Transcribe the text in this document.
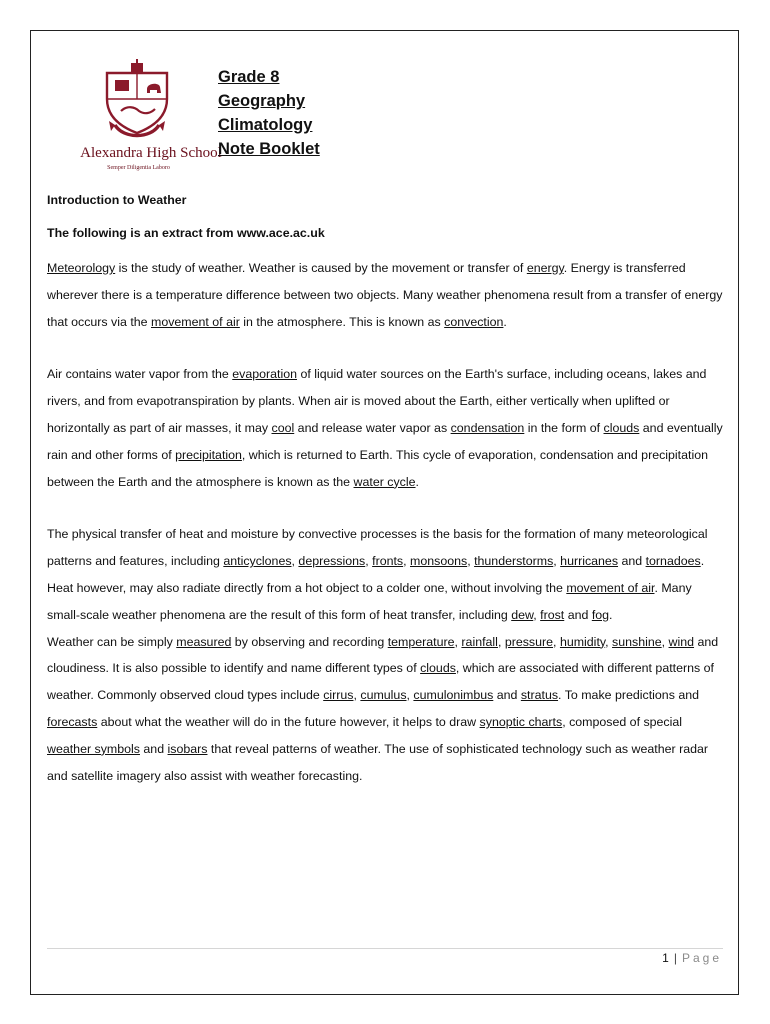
Alexandra High School
Semper Diligentia Laboro
Grade 8
Geography
Climatology
Note Booklet

Introduction to Weather

The following is an extract from www.ace.ac.uk

Meteorology is the study of weather. Weather is caused by the movement or transfer of energy. Energy is transferred wherever there is a temperature difference between two objects. Many weather phenomena result from a transfer of energy that occurs via the movement of air in the atmosphere. This is known as convection.

Air contains water vapor from the evaporation of liquid water sources on the Earth's surface, including oceans, lakes and rivers, and from evapotranspiration by plants. When air is moved about the Earth, either vertically when uplifted or horizontally as part of air masses, it may cool and release water vapor as condensation in the form of clouds and eventually rain and other forms of precipitation, which is returned to Earth. This cycle of evaporation, condensation and precipitation between the Earth and the atmosphere is known as the water cycle.

The physical transfer of heat and moisture by convective processes is the basis for the formation of many meteorological patterns and features, including anticyclones, depressions, fronts, monsoons, thunderstorms, hurricanes and tornadoes. Heat however, may also radiate directly from a hot object to a colder one, without involving the movement of air. Many small-scale weather phenomena are the result of this form of heat transfer, including dew, frost and fog.

Weather can be simply measured by observing and recording temperature, rainfall, pressure, humidity, sunshine, wind and cloudiness. It is also possible to identify and name different types of clouds, which are associated with different patterns of weather. Commonly observed cloud types include cirrus, cumulus, cumulonimbus and stratus. To make predictions and forecasts about what the weather will do in the future however, it helps to draw synoptic charts, composed of special weather symbols and isobars that reveal patterns of weather. The use of sophisticated technology such as weather radar and satellite imagery also assist with weather forecasting.

1 | Page
